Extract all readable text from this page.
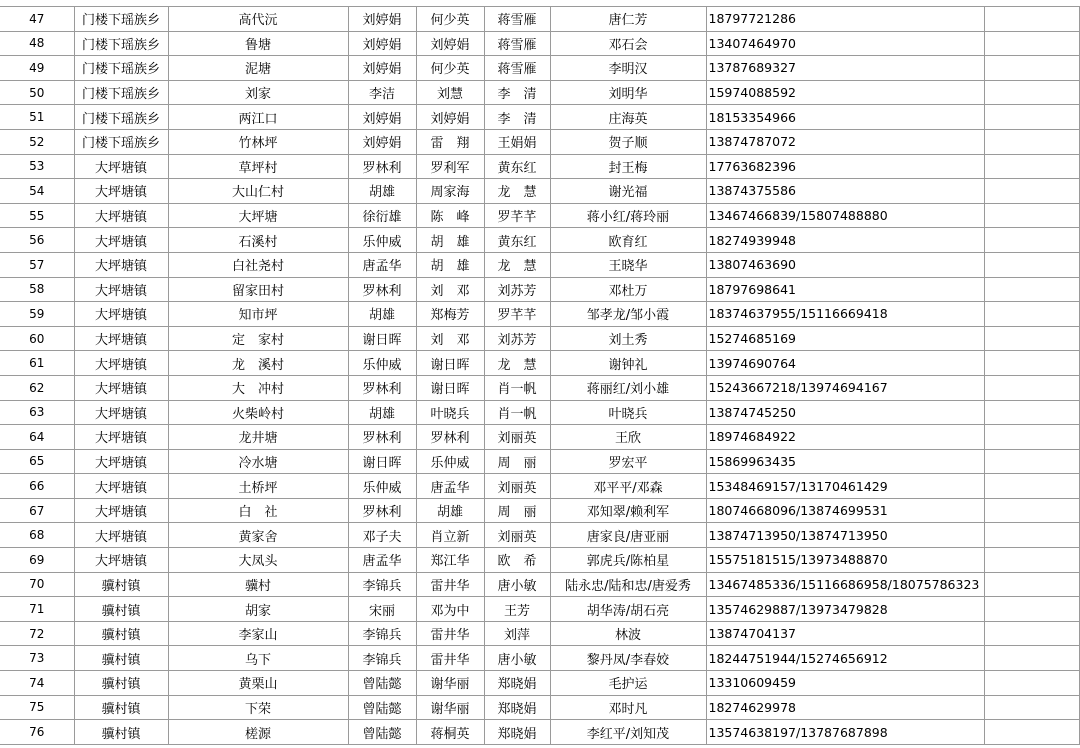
47	门楼下瑶族乡	高代沅	刘婷娟	何少英	蒋雪雁	唐仁芳	18797721286	
48	门楼下瑶族乡	鲁塘	刘婷娟	刘婷娟	蒋雪雁	邓石会	13407464970	
49	门楼下瑶族乡	泥塘	刘婷娟	何少英	蒋雪雁	李明汉	13787689327	
50	门楼下瑶族乡	刘家	李洁	刘慧	李　清	刘明华	15974088592	
51	门楼下瑶族乡	两江口	刘婷娟	刘婷娟	李　清	庄海英	18153354966	
52	门楼下瑶族乡	竹林坪	刘婷娟	雷　翔	王娟娟	贺子顺	13874787072	
53	大坪塘镇	草坪村	罗林利	罗利军	黄东红	封王梅	17763682396	
54	大坪塘镇	大山仁村	胡雄	周家海	龙　慧	谢光福	13874375586	
55	大坪塘镇	大坪塘	徐衍雄	陈　峰	罗芊芊	蒋小红/蒋玲丽	13467466839/15807488880	
56	大坪塘镇	石溪村	乐仲威	胡　雄	黄东红	欧育红	18274939948	
57	大坪塘镇	白社尧村	唐孟华	胡　雄	龙　慧	王晓华	13807463690	
58	大坪塘镇	留家田村	罗林利	刘　邓	刘苏芳	邓杜万	18797698641	
59	大坪塘镇	知市坪	胡雄	郑梅芳	罗芊芊	邹孝龙/邹小霞	18374637955/15116669418	
60	大坪塘镇	定　家村	谢日晖	刘　邓	刘苏芳	刘土秀	15274685169	
61	大坪塘镇	龙　溪村	乐仲威	谢日晖	龙　慧	谢钟礼	13974690764	
62	大坪塘镇	大　冲村	罗林利	谢日晖	肖一帆	蒋丽红/刘小雄	15243667218/13974694167	
63	大坪塘镇	火柴岭村	胡雄	叶晓兵	肖一帆	叶晓兵	13874745250	
64	大坪塘镇	龙井塘	罗林利	罗林利	刘丽英	王欣	18974684922	
65	大坪塘镇	冷水塘	谢日晖	乐仲威	周　丽	罗宏平	15869963435	
66	大坪塘镇	土桥坪	乐仲威	唐孟华	刘丽英	邓平平/邓森	15348469157/13170461429	
67	大坪塘镇	白　社	罗林利	胡雄	周　丽	邓知翠/赖利军	18074668096/13874699531	
68	大坪塘镇	黄家舍	邓子夫	肖立新	刘丽英	唐家良/唐亚丽	13874713950/13874713950	
69	大坪塘镇	大凤头	唐孟华	郑江华	欧　希	郭虎兵/陈柏星	15575181515/13973488870	
70	骥村镇	骥村	李锦兵	雷井华	唐小敏	陆永忠/陆和忠/唐爱秀	13467485336/15116686958/18075786323	
71	骥村镇	胡家	宋丽	邓为中	王芳	胡华涛/胡石亮	13574629887/13973479828	
72	骥村镇	李家山	李锦兵	雷井华	刘萍	林波	13874704137	
73	骥村镇	乌下	李锦兵	雷井华	唐小敏	黎丹凤/李春姣	18244751944/15274656912	
74	骥村镇	黄栗山	曾陆懿	谢华丽	郑晓娟	毛护运	13310609459	
75	骥村镇	下荣	曾陆懿	谢华丽	郑晓娟	邓时凡	18274629978	
76	骥村镇	槎源	曾陆懿	蒋桐英	郑晓娟	李红平/刘知茂	13574638197/13787687898	
